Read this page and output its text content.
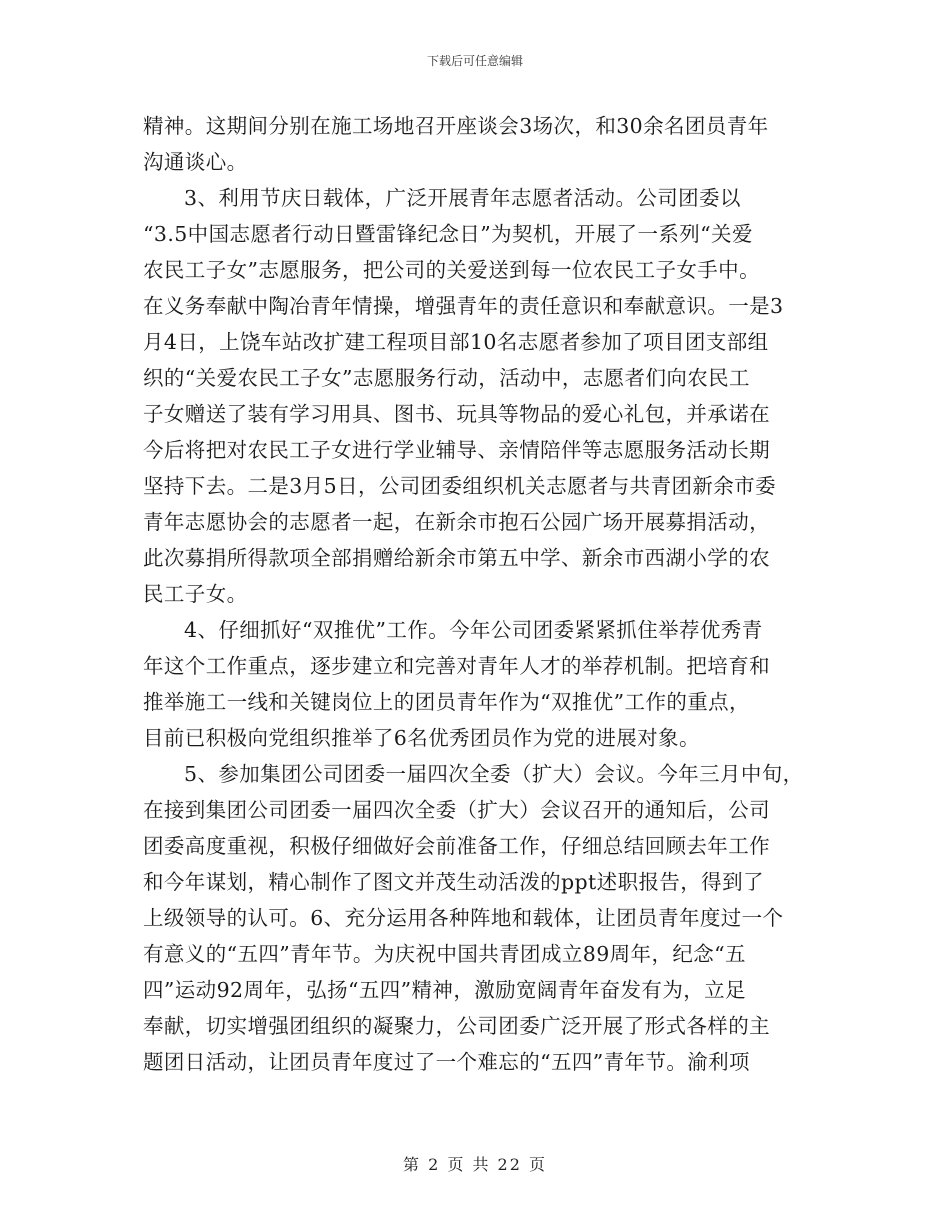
下载后可任意编辑
精神。这期间分别在施工场地召开座谈会3场次，和30余名团员青年
沟通谈心。
3、利用节庆日载体，广泛开展青年志愿者活动。公司团委以
“3.5中国志愿者行动日暨雷锋纪念日”为契机，开展了一系列“关爱
农民工子女”志愿服务，把公司的关爱送到每一位农民工子女手中。
在义务奉献中陶冶青年情操，增强青年的责任意识和奉献意识。一是3
月4日，上饶车站改扩建工程项目部10名志愿者参加了项目团支部组
织的“关爱农民工子女”志愿服务行动，活动中，志愿者们向农民工
子女赠送了装有学习用具、图书、玩具等物品的爱心礼包，并承诺在
今后将把对农民工子女进行学业辅导、亲情陪伴等志愿服务活动长期
坚持下去。二是3月5日，公司团委组织机关志愿者与共青团新余市委
青年志愿协会的志愿者一起，在新余市抱石公园广场开展募捐活动，
此次募捐所得款项全部捐赠给新余市第五中学、新余市西湖小学的农
民工子女。
4、仔细抓好“双推优”工作。今年公司团委紧紧抓住举荐优秀青
年这个工作重点，逐步建立和完善对青年人才的举荐机制。把培育和
推举施工一线和关键岗位上的团员青年作为“双推优”工作的重点，
目前已积极向党组织推举了6名优秀团员作为党的进展对象。
5、参加集团公司团委一届四次全委（扩大）会议。今年三月中旬，
在接到集团公司团委一届四次全委（扩大）会议召开的通知后，公司
团委高度重视，积极仔细做好会前准备工作，仔细总结回顾去年工作
和今年谋划，精心制作了图文并茂生动活泼的ppt述职报告，得到了
上级领导的认可。6、充分运用各种阵地和载体，让团员青年度过一个
有意义的“五四”青年节。为庆祝中国共青团成立89周年，纪念“五
四”运动92周年，弘扬“五四”精神，激励宽阔青年奋发有为，立足
奉献，切实增强团组织的凝聚力，公司团委广泛开展了形式各样的主
题团日活动，让团员青年度过了一个难忘的“五四”青年节。渝利项
第 2 页 共 22 页
